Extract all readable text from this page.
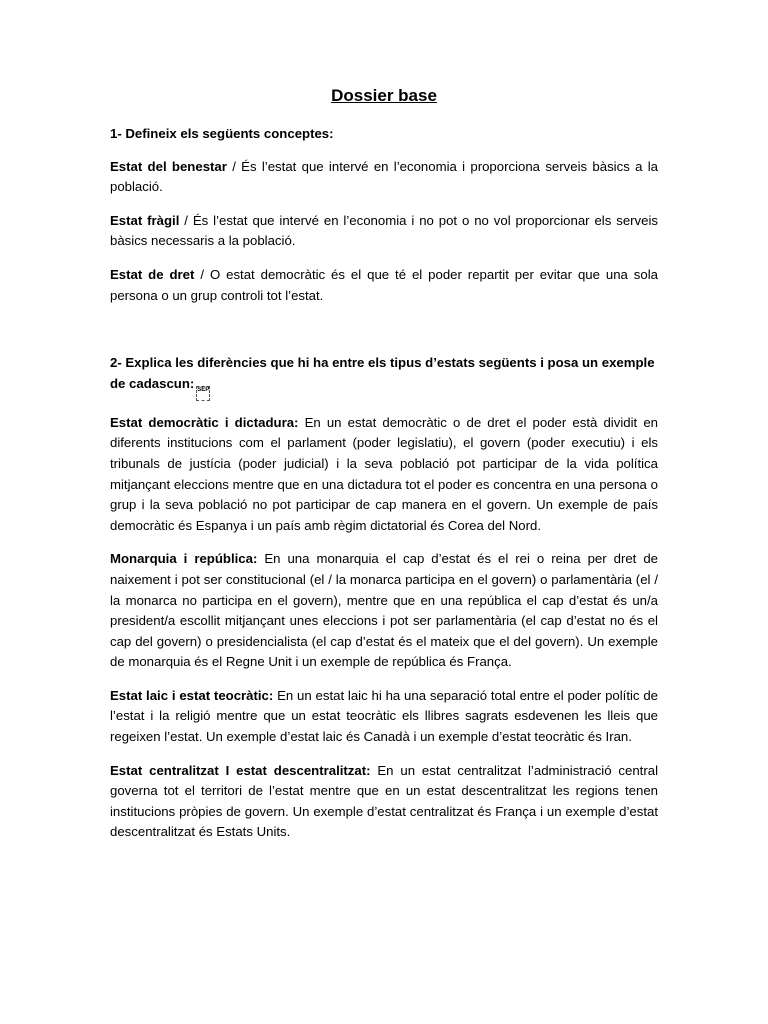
Dossier base
1- Defineix els següents conceptes:

Estat del benestar / És l’estat que intervé en l’economia i proporciona serveis bàsics a la població.

Estat fràgil / És l’estat que intervé en l’economia i no pot o no vol proporcionar els serveis bàsics necessaris a la població.

Estat de dret / O estat democràtic és el que té el poder repartit per evitar que una sola persona o un grup controli tot l’estat.

2- Explica les diferències que hi ha entre els tipus d’estats següents i posa un exemple de cadascun: SEP

Estat democràtic i dictadura: En un estat democràtic o de dret el poder està dividit en diferents institucions com el parlament (poder legislatiu), el govern (poder executiu) i els tribunals de justícia (poder judicial) i la seva població pot participar de la vida política mitjançant eleccions mentre que en una dictadura tot el poder es concentra en una persona o grup i la seva població no pot participar de cap manera en el govern. Un exemple de país democràtic és Espanya i un país amb règim dictatorial és Corea del Nord.

Monarquia i república: En una monarquia el cap d’estat és el rei o reina per dret de naixement i pot ser constitucional (el / la monarca participa en el govern) o parlamentària (el / la monarca no participa en el govern), mentre que en una república el cap d’estat és un/a president/a escollit mitjançant unes eleccions i pot ser parlamentària (el cap d’estat no és el cap del govern) o presidencialista (el cap d’estat és el mateix que el del govern). Un exemple de monarquia és el Regne Unit i un exemple de república és França.

Estat laic i estat teocràtic: En un estat laic hi ha una separació total entre el poder polític de l’estat i la religió mentre que un estat teocràtic els llibres sagrats esdevenen les lleis que regeixen l’estat. Un exemple d’estat laic és Canadà i un exemple d’estat teocràtic és Iran.

Estat centralitzat I estat descentralitzat: En un estat centralitzat l’administració central governa tot el territori de l’estat mentre que en un estat descentralitzat les regions tenen institucions pròpies de govern. Un exemple d’estat centralitzat és França i un exemple d’estat descentralitzat és Estats Units.
